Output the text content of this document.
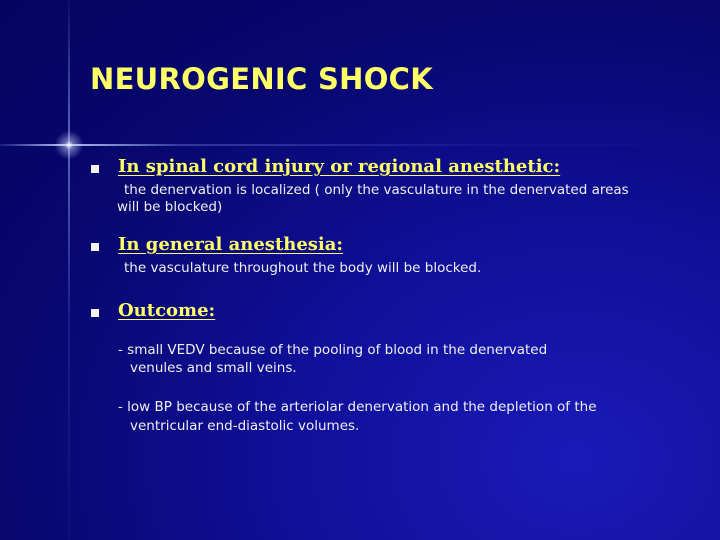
NEUROGENIC SHOCK

In spinal cord injury or regional anesthetic:

the denervation is localized ( only the vasculature in the denervated areas

will be blocked)

In general anesthesia:

the vasculature throughout the body will be blocked.

Outcome:

- small VEDV because of the pooling of blood in the denervated

venules and small veins.

- low BP because of the arteriolar denervation and the depletion of the

ventricular end-diastolic volumes.
